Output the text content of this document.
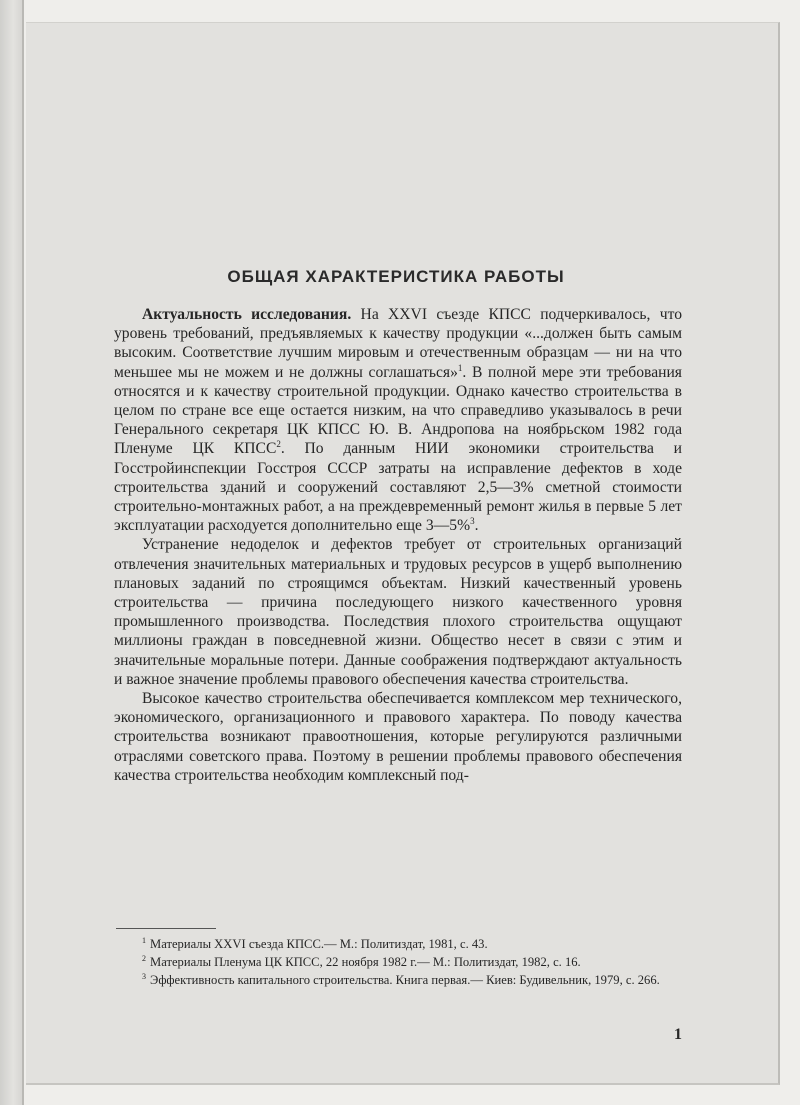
ОБЩАЯ ХАРАКТЕРИСТИКА РАБОТЫ

Актуальность исследования. На XXVI съезде КПСС подчеркивалось, что уровень требований, предъявляемых к качеству продукции «...должен быть самым высоким. Соответствие лучшим мировым и отечественным образцам — ни на что меньшее мы не можем и не должны соглашаться»$^1$. В полной мере эти требования относятся и к качеству строительной продукции. Однако качество строительства в целом по стране все еще остается низким, на что справедливо указывалось в речи Генерального секретаря ЦК КПСС Ю. В. Андропова на ноябрьском 1982 года Пленуме ЦК КПСС$^2$. По данным НИИ экономики строительства и Госстройинспекции Госстроя СССР затраты на исправление дефектов в ходе строительства зданий и сооружений составляют 2,5—3% сметной стоимости строительно-монтажных работ, а на преждевременный ремонт жилья в первые 5 лет эксплуатации расходуется дополнительно еще 3—5%$^3$.

Устранение недоделок и дефектов требует от строительных организаций отвлечения значительных материальных и трудовых ресурсов в ущерб выполнению плановых заданий по строящимся объектам. Низкий качественный уровень строительства — причина последующего низкого качественного уровня промышленного производства. Последствия плохого строительства ощущают миллионы граждан в повседневной жизни. Общество несет в связи с этим и значительные моральные потери. Данные соображения подтверждают актуальность и важное значение проблемы правового обеспечения качества строительства.

Высокое качество строительства обеспечивается комплексом мер технического, экономического, организационного и правового характера. По поводу качества строительства возникают правоотношения, которые регулируются различными отраслями советского права. Поэтому в решении проблемы правового обеспечения качества строительства необходим комплексный под-

$^1$ Материалы XXVI съезда КПСС.— М.: Политиздат, 1981, с. 43.

$^2$ Материалы Пленума ЦК КПСС, 22 ноября 1982 г.— М.: Политиздат, 1982, с. 16.

$^3$ Эффективность капитального строительства. Книга первая.— Киев: Будивельник, 1979, с. 266.

1
